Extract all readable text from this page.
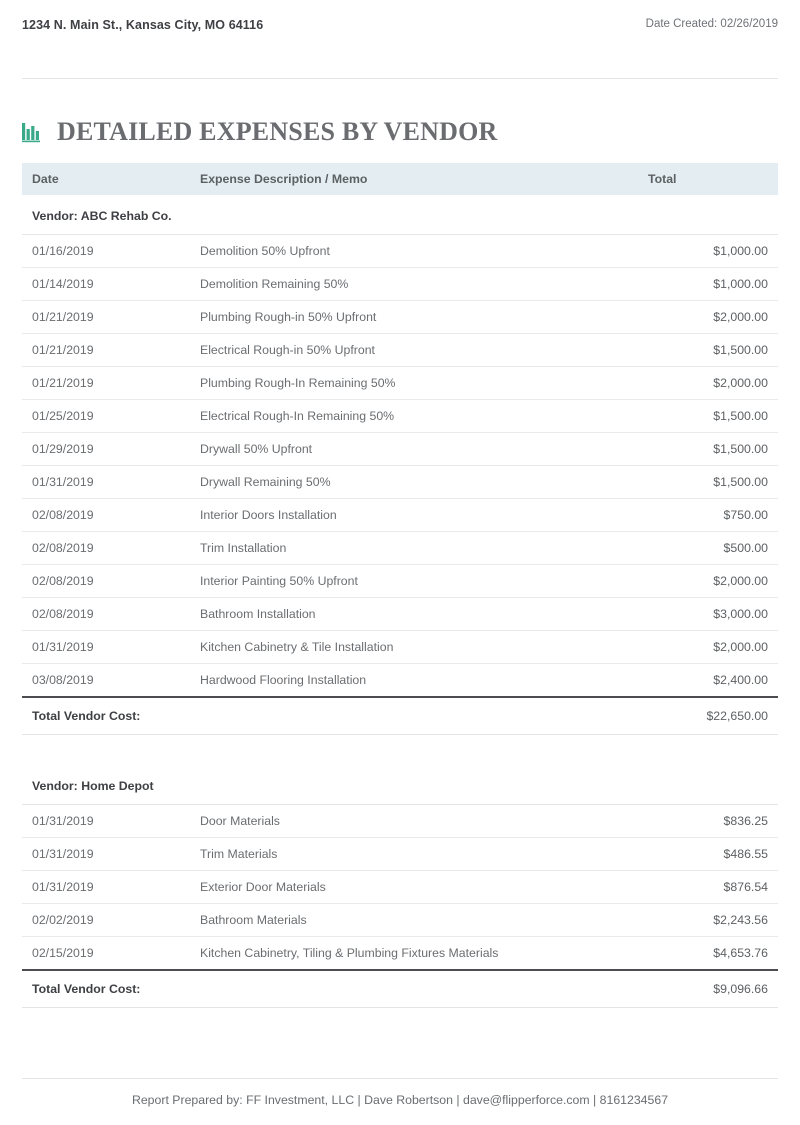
1234 N. Main St., Kansas City, MO 64116	Date Created: 02/26/2019
DETAILED EXPENSES BY VENDOR
Date	Expense Description / Memo	Total
Vendor: ABC Rehab Co.		
01/16/2019	Demolition 50% Upfront	$1,000.00
01/14/2019	Demolition Remaining 50%	$1,000.00
01/21/2019	Plumbing Rough-in 50% Upfront	$2,000.00
01/21/2019	Electrical Rough-in 50% Upfront	$1,500.00
01/21/2019	Plumbing Rough-In Remaining 50%	$2,000.00
01/25/2019	Electrical Rough-In Remaining 50%	$1,500.00
01/29/2019	Drywall 50% Upfront	$1,500.00
01/31/2019	Drywall Remaining 50%	$1,500.00
02/08/2019	Interior Doors Installation	$750.00
02/08/2019	Trim Installation	$500.00
02/08/2019	Interior Painting 50% Upfront	$2,000.00
02/08/2019	Bathroom Installation	$3,000.00
01/31/2019	Kitchen Cabinetry & Tile Installation	$2,000.00
03/08/2019	Hardwood Flooring Installation	$2,400.00
Total Vendor Cost:		$22,650.00

Vendor: Home Depot		
01/31/2019	Door Materials	$836.25
01/31/2019	Trim Materials	$486.55
01/31/2019	Exterior Door Materials	$876.54
02/02/2019	Bathroom Materials	$2,243.56
02/15/2019	Kitchen Cabinetry, Tiling & Plumbing Fixtures Materials	$4,653.76
Total Vendor Cost:		$9,096.66
Report Prepared by: FF Investment, LLC | Dave Robertson | dave@flipperforce.com | 8161234567
